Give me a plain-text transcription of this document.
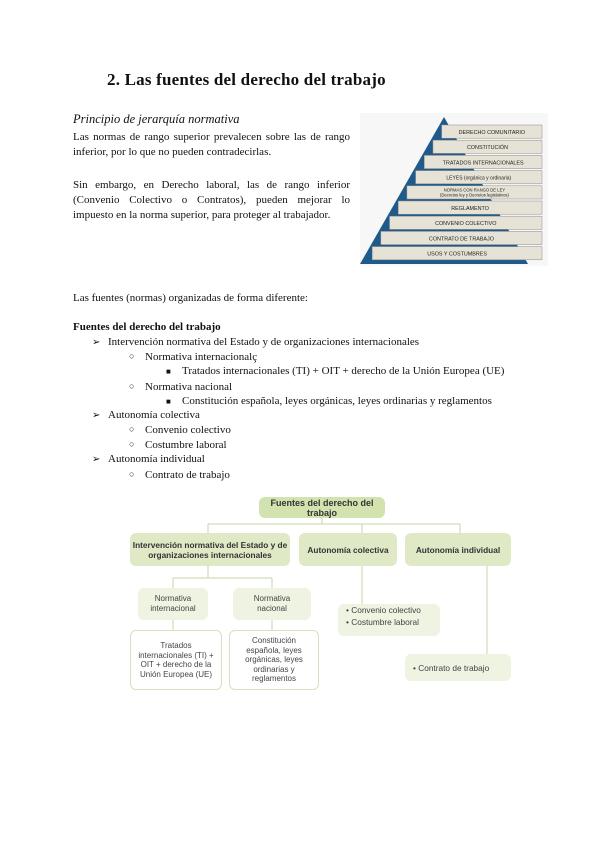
2. Las fuentes del derecho del trabajo
Principio de jerarquía normativa
Las normas de rango superior prevalecen sobre las de rango inferior, por lo que no pueden contradecirlas.
Sin embargo, en Derecho laboral, las de rango inferior (Convenio Colectivo o Contratos), pueden mejorar lo impuesto en la norma superior, para proteger al trabajador.
DERECHO COMUNITARIO
CONSTITUCIÓN
TRATADOS INTERNACIONALES
LEYES (orgánica y ordinaria)
NORMAS CON RANGO DE LEY (Decretos ley y Decretos legislativos)
REGLAMENTO
CONVENIO COLECTIVO
CONTRATO DE TRABAJO
USOS Y COSTUMBRES
Las fuentes (normas) organizadas de forma diferente:
Fuentes del derecho del trabajo
➢ Intervención normativa del Estado y de organizaciones internacionales
○ Normativa internacionalç
■ Tratados internacionales (TI) + OIT + derecho de la Unión Europea (UE)
○ Normativa nacional
■ Constitución española, leyes orgánicas, leyes ordinarias y reglamentos
➢ Autonomía colectiva
○ Convenio colectivo
○ Costumbre laboral
➢ Autonomía individual
○ Contrato de trabajo
Fuentes del derecho del trabajo
Intervención normativa del Estado y de organizaciones internacionales	Autonomía colectiva	Autonomía individual
Normativa internacional
Normativa nacional
Tratados internacionales (TI) + OIT + derecho de la Unión Europea (UE)
Constitución española, leyes orgánicas, leyes ordinarias y reglamentos
• Convenio colectivo
• Costumbre laboral
• Contrato de trabajo
